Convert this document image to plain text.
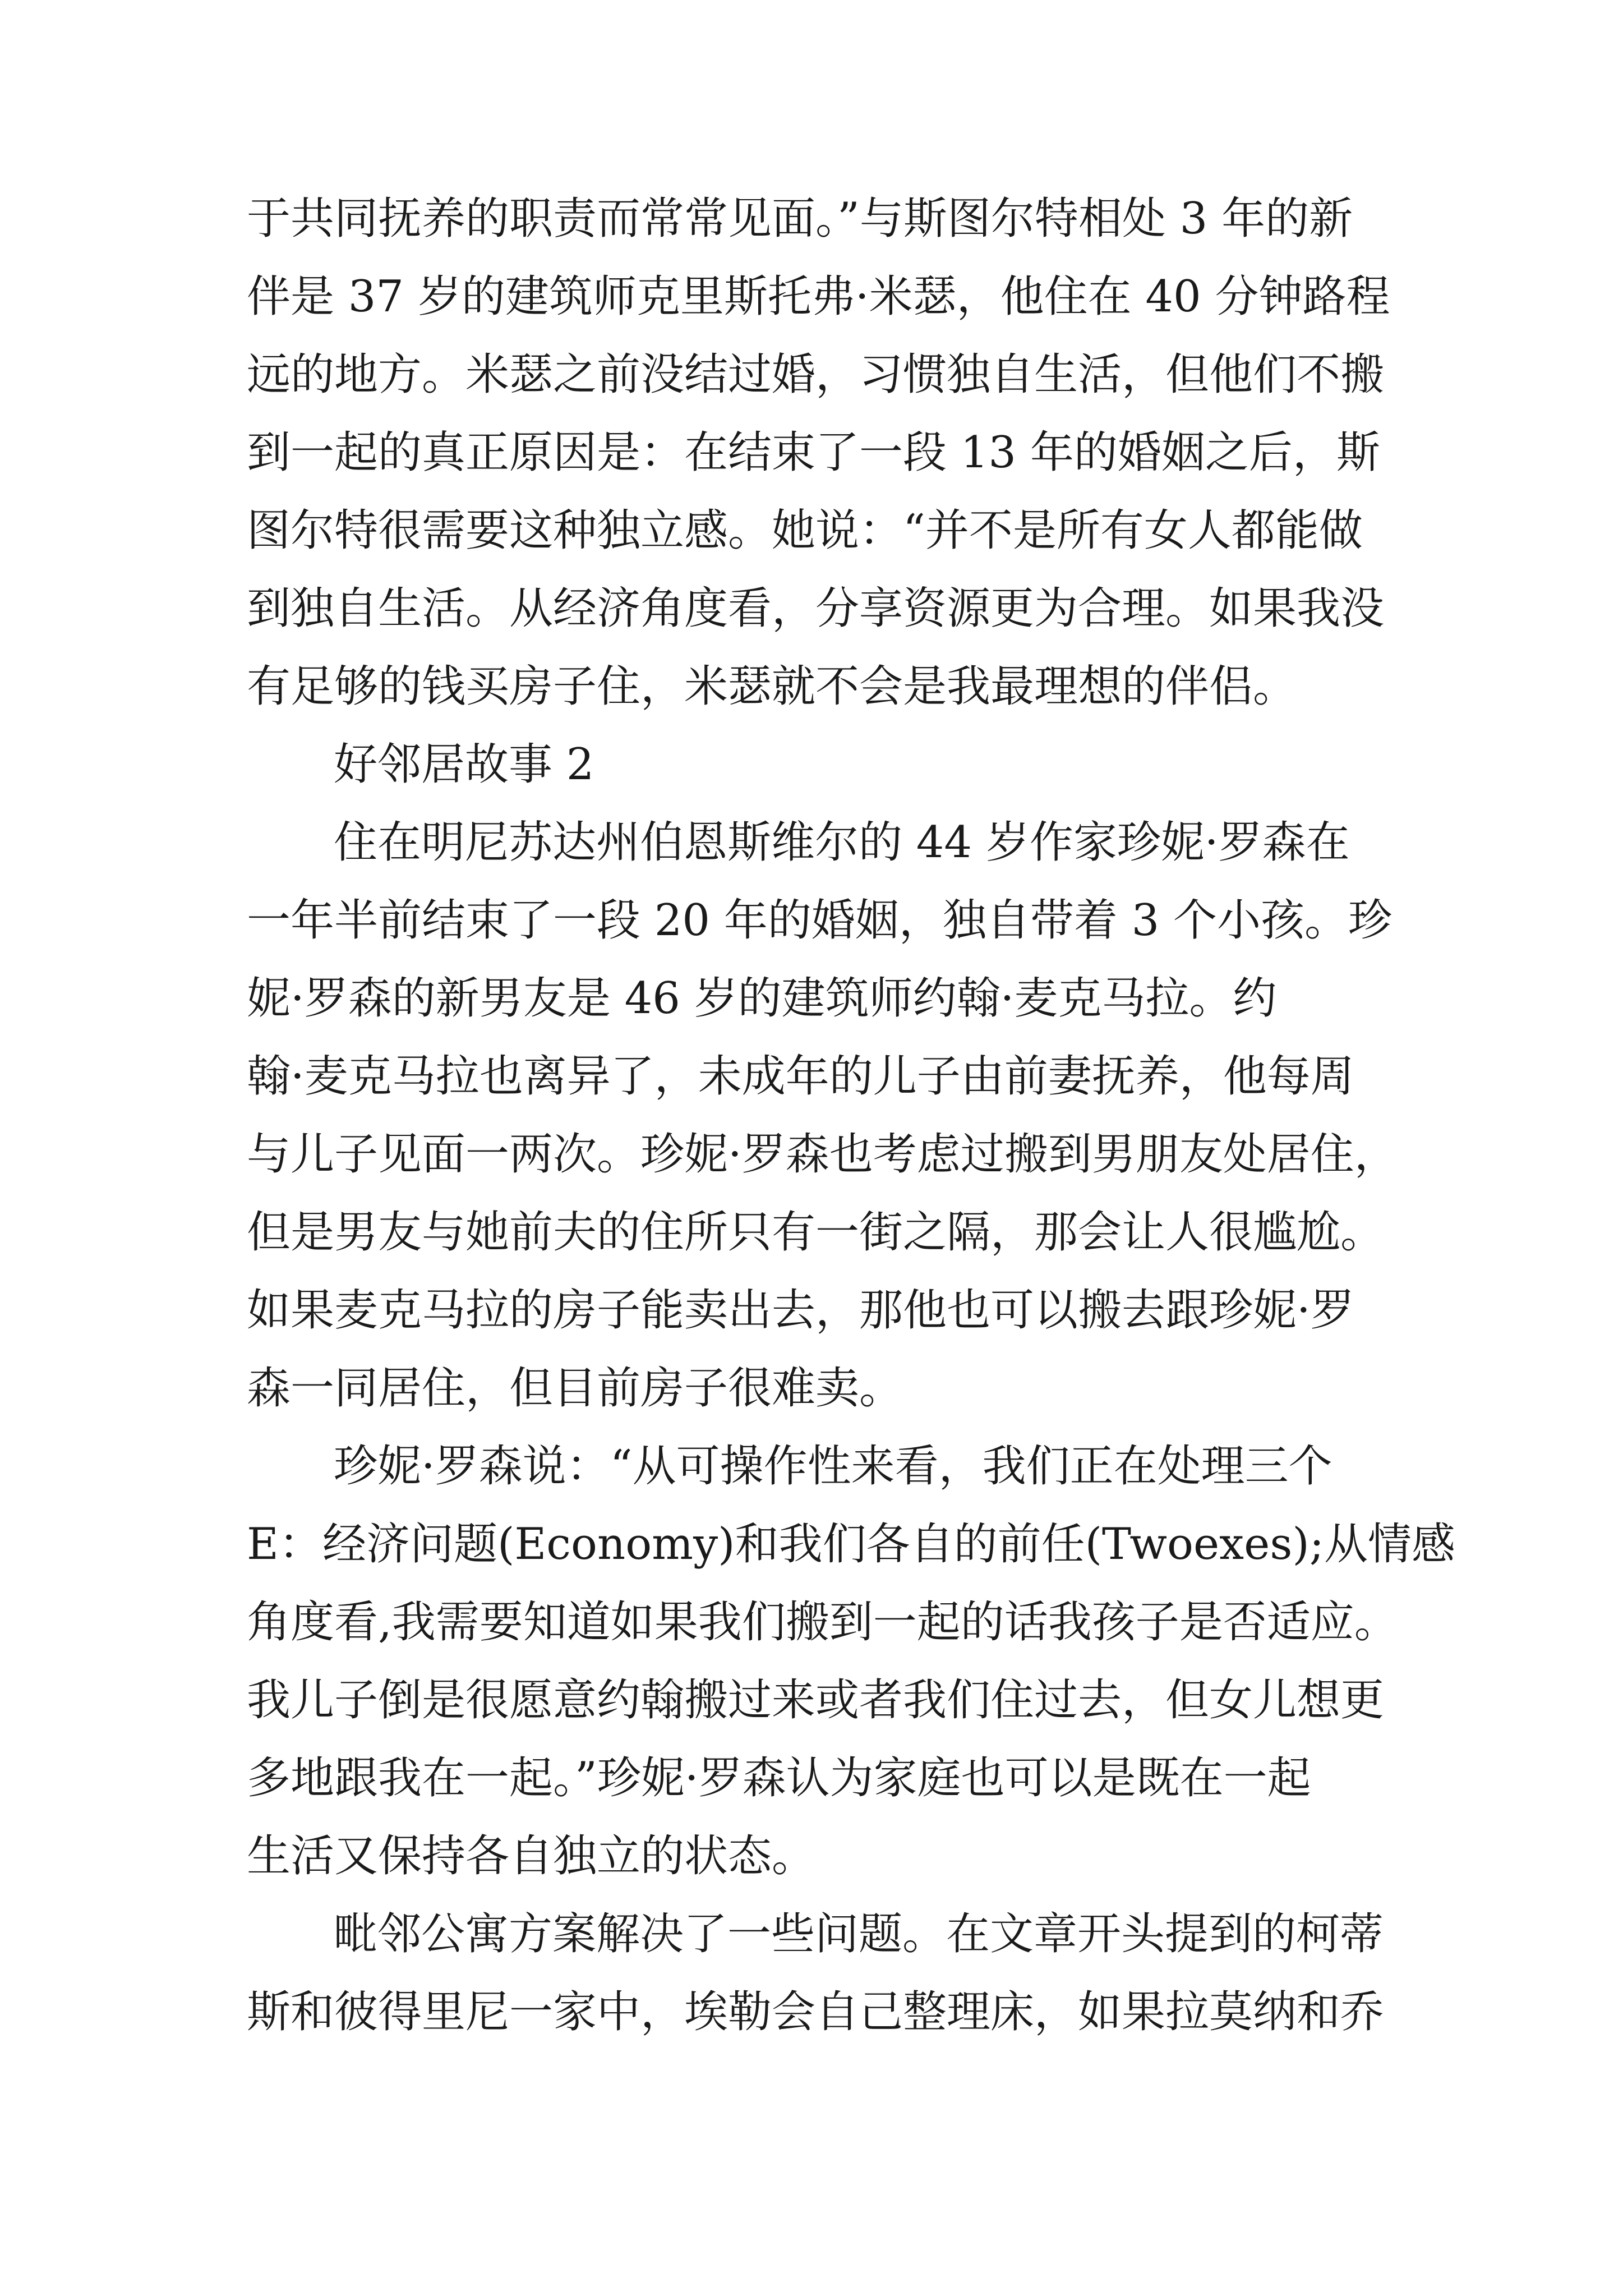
于共同抚养的职责而常常见面。”与斯图尔特相处 3 年的新
伴是 37 岁的建筑师克里斯托弗·米瑟，他住在 40 分钟路程
远的地方。米瑟之前没结过婚，习惯独自生活，但他们不搬
到一起的真正原因是：在结束了一段 13 年的婚姻之后，斯
图尔特很需要这种独立感。她说：“并不是所有女人都能做
到独自生活。从经济角度看，分享资源更为合理。如果我没
有足够的钱买房子住，米瑟就不会是我最理想的伴侣。
好邻居故事 2
住在明尼苏达州伯恩斯维尔的 44 岁作家珍妮·罗森在
一年半前结束了一段 20 年的婚姻，独自带着 3 个小孩。珍
妮·罗森的新男友是 46 岁的建筑师约翰·麦克马拉。约
翰·麦克马拉也离异了，未成年的儿子由前妻抚养，他每周
与儿子见面一两次。珍妮·罗森也考虑过搬到男朋友处居住，
但是男友与她前夫的住所只有一街之隔，那会让人很尴尬。
如果麦克马拉的房子能卖出去，那他也可以搬去跟珍妮·罗
森一同居住，但目前房子很难卖。
珍妮·罗森说：“从可操作性来看，我们正在处理三个
E：经济问题(Economy)和我们各自的前任(Twoexes);从情感
角度看,我需要知道如果我们搬到一起的话我孩子是否适应。
我儿子倒是很愿意约翰搬过来或者我们住过去，但女儿想更
多地跟我在一起。”珍妮·罗森认为家庭也可以是既在一起
生活又保持各自独立的状态。
毗邻公寓方案解决了一些问题。在文章开头提到的柯蒂
斯和彼得里尼一家中，埃勒会自己整理床，如果拉莫纳和乔
